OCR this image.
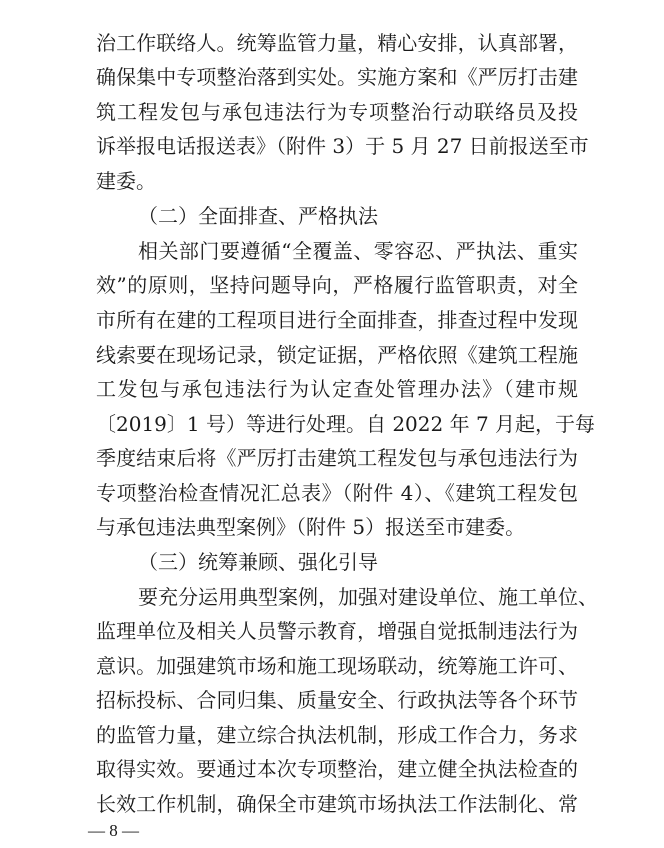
治工作联络人。统筹监管力量，精心安排，认真部署，
确保集中专项整治落到实处。实施方案和《严厉打击建
筑工程发包与承包违法行为专项整治行动联络员及投
诉举报电话报送表》（附件 3）于 5 月 27 日前报送至市
建委。
（二）全面排查、严格执法
相关部门要遵循“全覆盖、零容忍、严执法、重实
效”的原则，坚持问题导向，严格履行监管职责，对全
市所有在建的工程项目进行全面排查，排查过程中发现
线索要在现场记录，锁定证据，严格依照《建筑工程施
工发包与承包违法行为认定查处管理办法》（建市规
〔2019〕1 号）等进行处理。自 2022 年 7 月起，于每
季度结束后将《严厉打击建筑工程发包与承包违法行为
专项整治检查情况汇总表》（附件 4）、《建筑工程发包
与承包违法典型案例》（附件 5）报送至市建委。
（三）统筹兼顾、强化引导
要充分运用典型案例，加强对建设单位、施工单位、
监理单位及相关人员警示教育，增强自觉抵制违法行为
意识。加强建筑市场和施工现场联动，统筹施工许可、
招标投标、合同归集、质量安全、行政执法等各个环节
的监管力量，建立综合执法机制，形成工作合力，务求
取得实效。要通过本次专项整治，建立健全执法检查的
长效工作机制，确保全市建筑市场执法工作法制化、常
— 8 —
